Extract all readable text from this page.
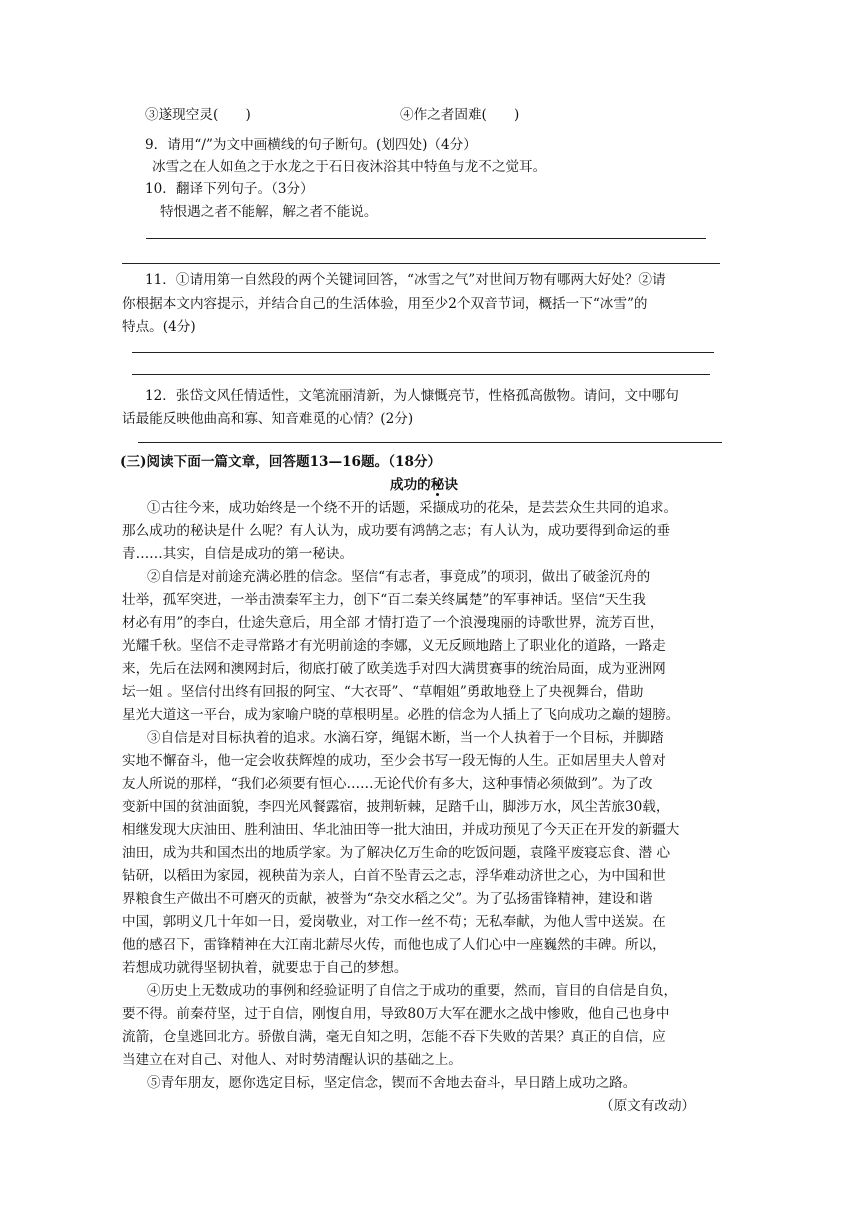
③遂现空灵(　　)	④作之者固难(　　)
9．请用“/”为文中画横线的句子断句。(划四处)（4分）
冰雪之在人如鱼之于水龙之于石日夜沐浴其中特鱼与龙不之觉耳。
10．翻译下列句子。（3分）
特恨遇之者不能解，解之者不能说。
11．①请用第一自然段的两个关键词回答，“冰雪之气”对世间万物有哪两大好处？②请
你根据本文内容提示，并结合自己的生活体验，用至少2个双音节词，概括一下“冰雪”的
特点。(4分)
12．张岱文风任情适性，文笔流丽清新，为人慷慨亮节，性格孤高傲物。请问，文中哪句
话最能反映他曲高和寡、知音难觅的心情？(2分)
(三)阅读下面一篇文章，回答题13—16题。（18分）
成功的秘诀
①古往今来，成功始终是一个绕不开的话题，采撷成功的花朵，是芸芸众生共同的追求。
那么成功的秘诀是什 么呢？有人认为，成功要有鸿鹄之志；有人认为，成功要得到命运的垂
青……其实，自信是成功的第一秘诀。
②自信是对前途充满必胜的信念。坚信“有志者，事竟成”的项羽，做出了破釜沉舟的
壮举，孤军突进，一举击溃秦军主力，创下“百二秦关终属楚”的军事神话。坚信“天生我
材必有用”的李白，仕途失意后，用全部 才情打造了一个浪漫瑰丽的诗歌世界，流芳百世，
光耀千秋。坚信不走寻常路才有光明前途的李娜，义无反顾地踏上了职业化的道路，一路走
来，先后在法网和澳网封后，彻底打破了欧美选手对四大满贯赛事的统治局面，成为亚洲网
坛一姐 。坚信付出终有回报的阿宝、“大衣哥”、“草帽姐”勇敢地登上了央视舞台，借助
星光大道这一平台，成为家喻户晓的草根明星。必胜的信念为人插上了飞向成功之巅的翅膀。
③自信是对目标执着的追求。水滴石穿，绳锯木断，当一个人执着于一个目标，并脚踏
实地不懈奋斗，他一定会收获辉煌的成功，至少会书写一段无悔的人生。正如居里夫人曾对
友人所说的那样，“我们必须要有恒心……无论代价有多大，这种事情必须做到”。为了改
变新中国的贫油面貌，李四光风餐露宿，披荆斩棘，足踏千山，脚涉万水，风尘苦旅30载，
相继发现大庆油田、胜利油田、华北油田等一批大油田，并成功预见了今天正在开发的新疆大
油田，成为共和国杰出的地质学家。为了解决亿万生命的吃饭问题，袁隆平废寝忘食、潜 心
钻研，以稻田为家园，视秧苗为亲人，白首不坠青云之志，浮华难动济世之心，为中国和世
界粮食生产做出不可磨灭的贡献，被誉为“杂交水稻之父”。为了弘扬雷锋精神，建设和谐
中国，郭明义几十年如一日，爱岗敬业，对工作一丝不苟；无私奉献，为他人雪中送炭。在
他的感召下，雷锋精神在大江南北薪尽火传，而他也成了人们心中一座巍然的丰碑。所以，
若想成功就得坚韧执着，就要忠于自己的梦想。
④历史上无数成功的事例和经验证明了自信之于成功的重要，然而，盲目的自信是自负，
要不得。前秦苻坚，过于自信，刚愎自用，导致80万大军在淝水之战中惨败，他自己也身中
流箭，仓皇逃回北方。骄傲自满，毫无自知之明，怎能不吞下失败的苦果？真正的自信，应
当建立在对自己、对他人、对时势清醒认识的基础之上。
⑤青年朋友，愿你选定目标，坚定信念，锲而不舍地去奋斗，早日踏上成功之路。
（原文有改动）
